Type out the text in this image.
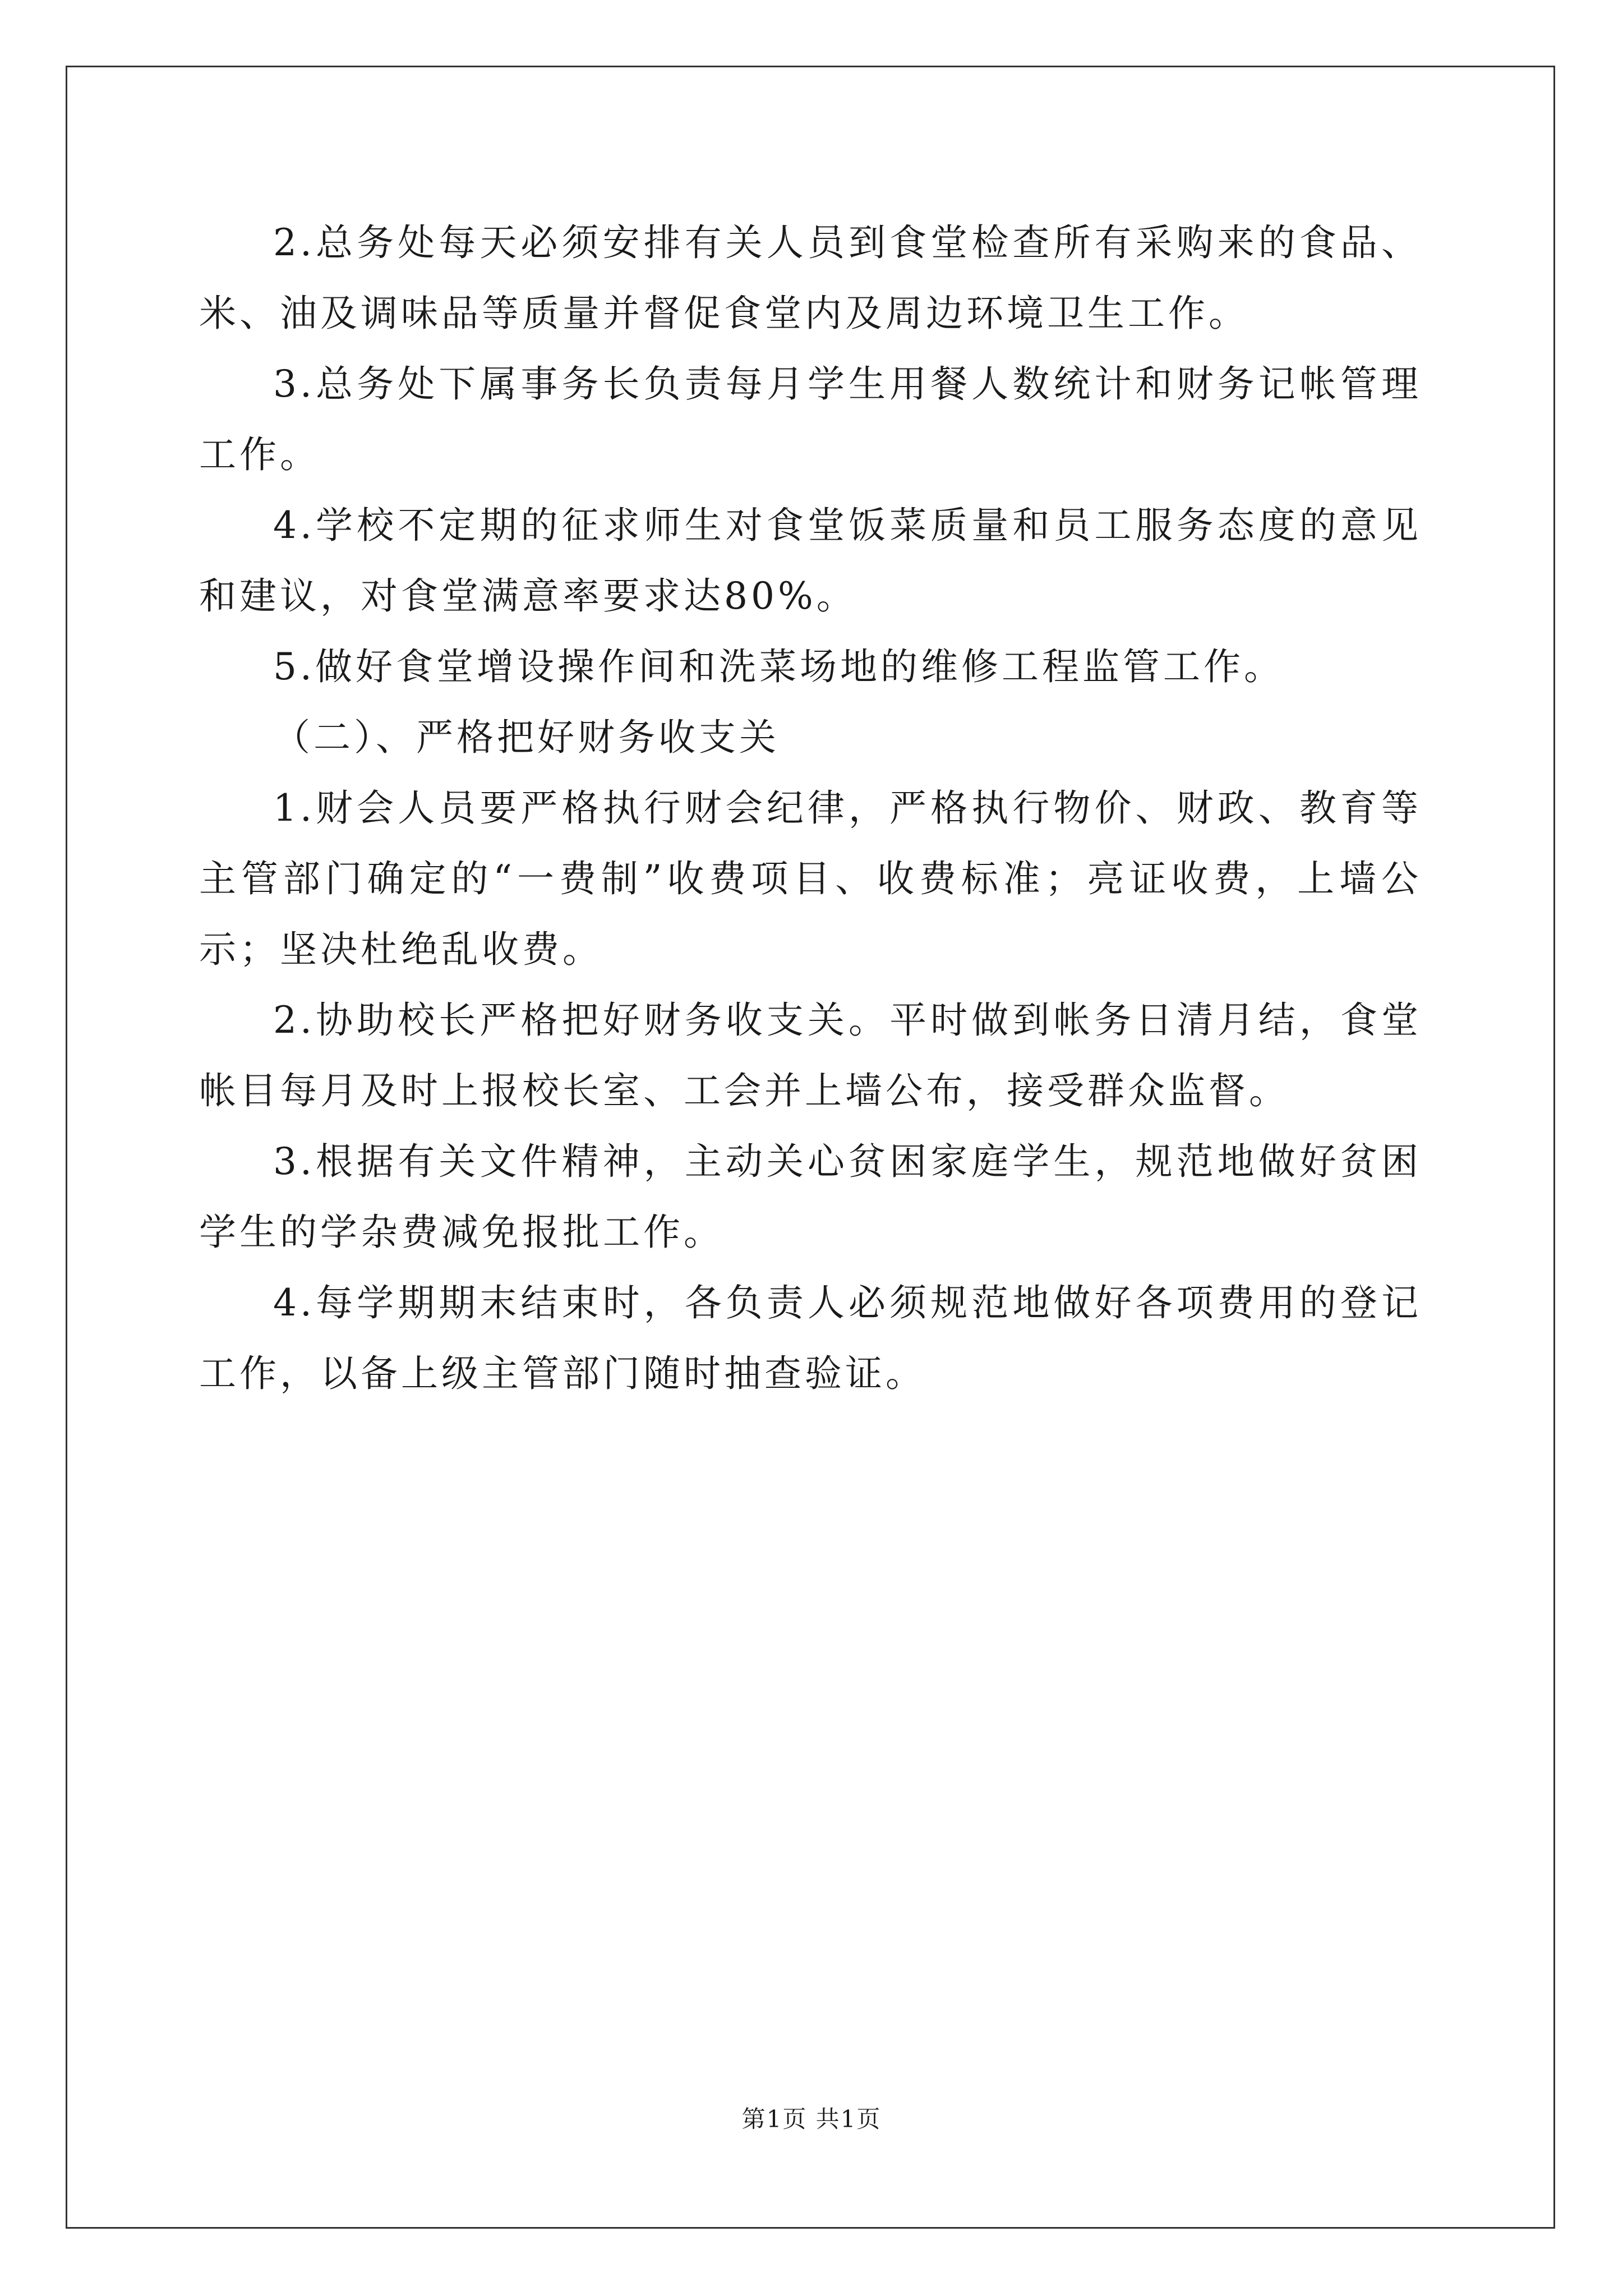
2.总务处每天必须安排有关人员到食堂检查所有采购来的食品、米、油及调味品等质量并督促食堂内及周边环境卫生工作。

3.总务处下属事务长负责每月学生用餐人数统计和财务记帐管理工作。

4.学校不定期的征求师生对食堂饭菜质量和员工服务态度的意见和建议，对食堂满意率要求达80%。

5.做好食堂增设操作间和洗菜场地的维修工程监管工作。

（二）、严格把好财务收支关

1.财会人员要严格执行财会纪律，严格执行物价、财政、教育等主管部门确定的“一费制”收费项目、收费标准；亮证收费，上墙公示；坚决杜绝乱收费。

2.协助校长严格把好财务收支关。平时做到帐务日清月结，食堂帐目每月及时上报校长室、工会并上墙公布，接受群众监督。

3.根据有关文件精神，主动关心贫困家庭学生，规范地做好贫困学生的学杂费减免报批工作。

4.每学期期末结束时，各负责人必须规范地做好各项费用的登记工作，以备上级主管部门随时抽查验证。

第1页 共1页
